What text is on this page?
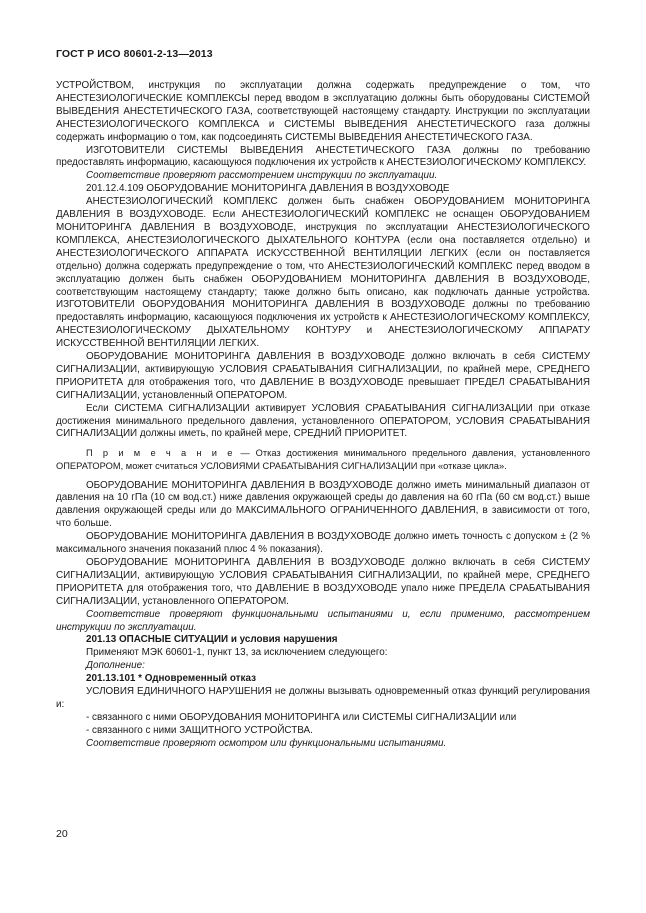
ГОСТ Р ИСО 80601-2-13—2013

УСТРОЙСТВОМ, инструкция по эксплуатации должна содержать предупреждение о том, что АНЕСТЕЗИОЛОГИЧЕСКИЕ КОМПЛЕКСЫ перед вводом в эксплуатацию должны быть оборудованы СИСТЕМОЙ ВЫВЕДЕНИЯ АНЕСТЕТИЧЕСКОГО ГАЗА, соответствующей настоящему стандарту. Инструкции по эксплуатации АНЕСТЕЗИОЛОГИЧЕСКОГО КОМПЛЕКСА и СИСТЕМЫ ВЫВЕДЕНИЯ АНЕСТЕТИЧЕСКОГО газа должны содержать информацию о том, как подсоединять СИСТЕМЫ ВЫВЕДЕНИЯ АНЕСТЕТИЧЕСКОГО ГАЗА.

ИЗГОТОВИТЕЛИ СИСТЕМЫ ВЫВЕДЕНИЯ АНЕСТЕТИЧЕСКОГО ГАЗА должны по требованию предоставлять информацию, касающуюся подключения их устройств к АНЕСТЕЗИОЛОГИЧЕСКОМУ КОМПЛЕКСУ.

Соответствие проверяют рассмотрением инструкции по эксплуатации.

201.12.4.109 ОБОРУДОВАНИЕ МОНИТОРИНГА ДАВЛЕНИЯ В ВОЗДУХОВОДЕ

АНЕСТЕЗИОЛОГИЧЕСКИЙ КОМПЛЕКС должен быть снабжен ОБОРУДОВАНИЕМ МОНИТОРИНГА ДАВЛЕНИЯ В ВОЗДУХОВОДЕ. Если АНЕСТЕЗИОЛОГИЧЕСКИЙ КОМПЛЕКС не оснащен ОБОРУДОВАНИЕМ МОНИТОРИНГА ДАВЛЕНИЯ В ВОЗДУХОВОДЕ, инструкция по эксплуатации АНЕСТЕЗИОЛОГИЧЕСКОГО КОМПЛЕКСА, АНЕСТЕЗИОЛОГИЧЕСКОГО ДЫХАТЕЛЬНОГО КОНТУРА (если она поставляется отдельно) и АНЕСТЕЗИОЛОГИЧЕСКОГО АППАРАТА ИСКУССТВЕННОЙ ВЕНТИЛЯЦИИ ЛЕГКИХ (если он поставляется отдельно) должна содержать предупреждение о том, что АНЕСТЕЗИОЛОГИЧЕСКИЙ КОМПЛЕКС перед вводом в эксплуатацию должен быть снабжен ОБОРУДОВАНИЕМ МОНИТОРИНГА ДАВЛЕНИЯ В ВОЗДУХОВОДЕ, соответствующим настоящему стандарту; также должно быть описано, как подключать данные устройства. ИЗГОТОВИТЕЛИ ОБОРУДОВАНИЯ МОНИТОРИНГА ДАВЛЕНИЯ В ВОЗДУХОВОДЕ должны по требованию предоставлять информацию, касающуюся подключения их устройств к АНЕСТЕЗИОЛОГИЧЕСКОМУ КОМПЛЕКСУ, АНЕСТЕЗИОЛОГИЧЕСКОМУ ДЫХАТЕЛЬНОМУ КОНТУРУ и АНЕСТЕЗИОЛОГИЧЕСКОМУ АППАРАТУ ИСКУССТВЕННОЙ ВЕНТИЛЯЦИИ ЛЕГКИХ.

ОБОРУДОВАНИЕ МОНИТОРИНГА ДАВЛЕНИЯ В ВОЗДУХОВОДЕ должно включать в себя СИСТЕМУ СИГНАЛИЗАЦИИ, активирующую УСЛОВИЯ СРАБАТЫВАНИЯ СИГНАЛИЗАЦИИ, по крайней мере, СРЕДНЕГО ПРИОРИТЕТА для отображения того, что ДАВЛЕНИЕ В ВОЗДУХОВОДЕ превышает ПРЕДЕЛ СРАБАТЫВАНИЯ СИГНАЛИЗАЦИИ, установленный ОПЕРАТОРОМ.

Если СИСТЕМА СИГНАЛИЗАЦИИ активирует УСЛОВИЯ СРАБАТЫВАНИЯ СИГНАЛИЗАЦИИ при отказе достижения минимального предельного давления, установленного ОПЕРАТОРОМ, УСЛОВИЯ СРАБАТЫВАНИЯ СИГНАЛИЗАЦИИ должны иметь, по крайней мере, СРЕДНИЙ ПРИОРИТЕТ.

П р и м е ч а н и е — Отказ достижения минимального предельного давления, установленного ОПЕРАТОРОМ, может считаться УСЛОВИЯМИ СРАБАТЫВАНИЯ СИГНАЛИЗАЦИИ при «отказе цикла».

ОБОРУДОВАНИЕ МОНИТОРИНГА ДАВЛЕНИЯ В ВОЗДУХОВОДЕ должно иметь минимальный диапазон от давления на 10 гПа (10 см вод.ст.) ниже давления окружающей среды до давления на 60 гПа (60 см вод.ст.) выше давления окружающей среды или до МАКСИМАЛЬНОГО ОГРАНИЧЕННОГО ДАВЛЕНИЯ, в зависимости от того, что больше.

ОБОРУДОВАНИЕ МОНИТОРИНГА ДАВЛЕНИЯ В ВОЗДУХОВОДЕ должно иметь точность с допуском ± (2 % максимального значения показаний плюс 4 % показания).

ОБОРУДОВАНИЕ МОНИТОРИНГА ДАВЛЕНИЯ В ВОЗДУХОВОДЕ должно включать в себя СИСТЕМУ СИГНАЛИЗАЦИИ, активирующую УСЛОВИЯ СРАБАТЫВАНИЯ СИГНАЛИЗАЦИИ, по крайней мере, СРЕДНЕГО ПРИОРИТЕТА для отображения того, что ДАВЛЕНИЕ В ВОЗДУХОВОДЕ упало ниже ПРЕДЕЛА СРАБАТЫВАНИЯ СИГНАЛИЗАЦИИ, установленного ОПЕРАТОРОМ.

Соответствие проверяют функциональными испытаниями и, если применимо, рассмотрением инструкции по эксплуатации.

201.13 ОПАСНЫЕ СИТУАЦИИ и условия нарушения

Применяют МЭК 60601-1, пункт 13, за исключением следующего:

Дополнение:

201.13.101 * Одновременный отказ

УСЛОВИЯ ЕДИНИЧНОГО НАРУШЕНИЯ не должны вызывать одновременный отказ функций регулирования и:

- связанного с ними ОБОРУДОВАНИЯ МОНИТОРИНГА или СИСТЕМЫ СИГНАЛИЗАЦИИ или

- связанного с ними ЗАЩИТНОГО УСТРОЙСТВА.

Соответствие проверяют осмотром или функциональными испытаниями.

20
